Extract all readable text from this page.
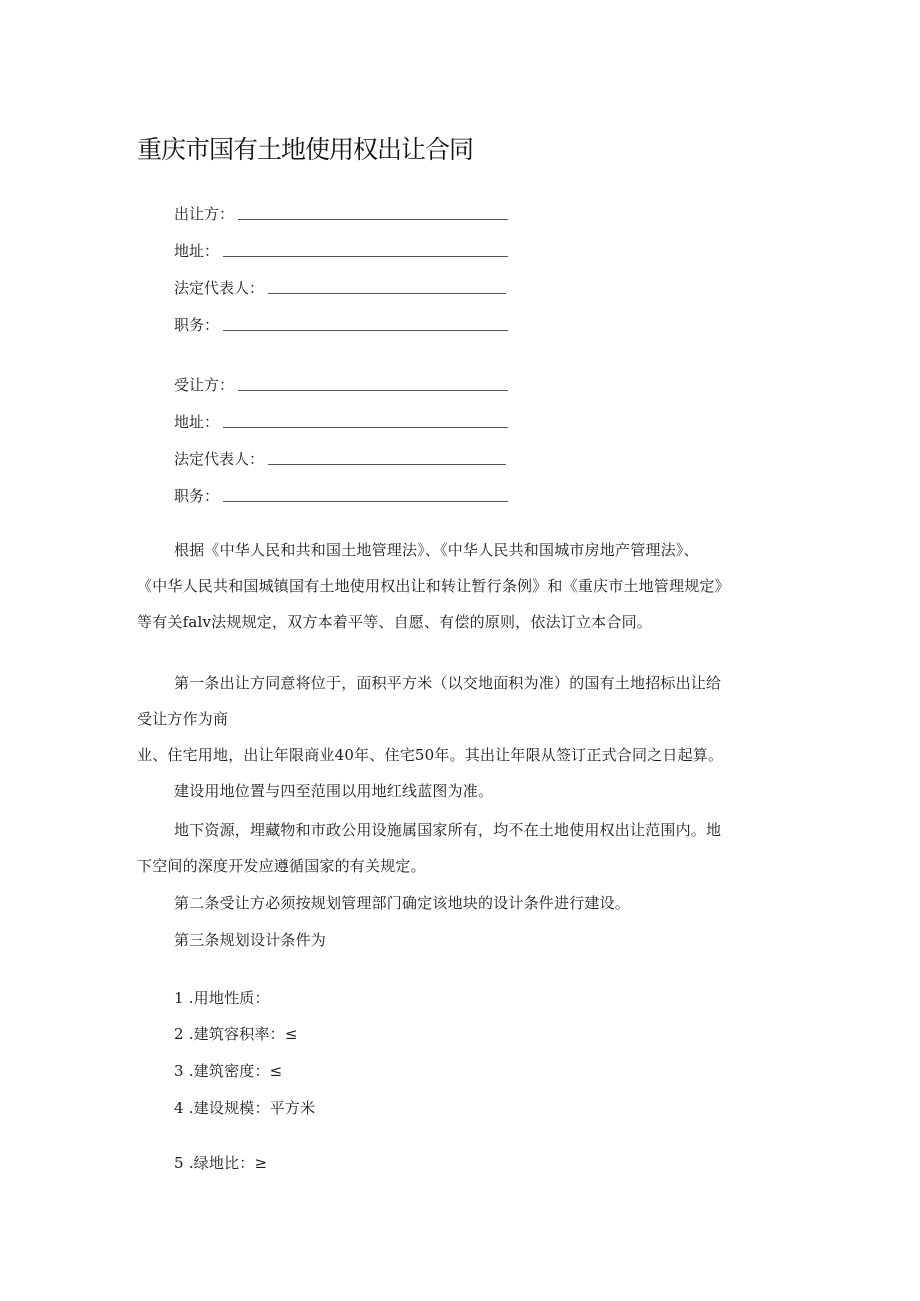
重庆市国有土地使用权出让合同
出让方：
地址：
法定代表人：
职务：
受让方：
地址：
法定代表人：
职务：
根据《中华人民和共和国土地管理法》、《中华人民共和国城市房地产管理法》、
《中华人民共和国城镇国有土地使用权出让和转让暂行条例》和《重庆市土地管理规定》
等有关falv法规规定，双方本着平等、自愿、有偿的原则，依法订立本合同。
第一条出让方同意将位于，面积平方米（以交地面积为准）的国有土地招标出让给
受让方作为商
业、住宅用地，出让年限商业40年、住宅50年。其出让年限从签订正式合同之日起算。
建设用地位置与四至范围以用地红线蓝图为准。
地下资源，埋藏物和市政公用设施属国家所有，均不在土地使用权出让范围内。地
下空间的深度开发应遵循国家的有关规定。
第二条受让方必须按规划管理部门确定该地块的设计条件进行建设。
第三条规划设计条件为
1 .用地性质：
2 .建筑容积率：≤
3 .建筑密度：≤
4 .建设规模：平方米
5 .绿地比：≥
